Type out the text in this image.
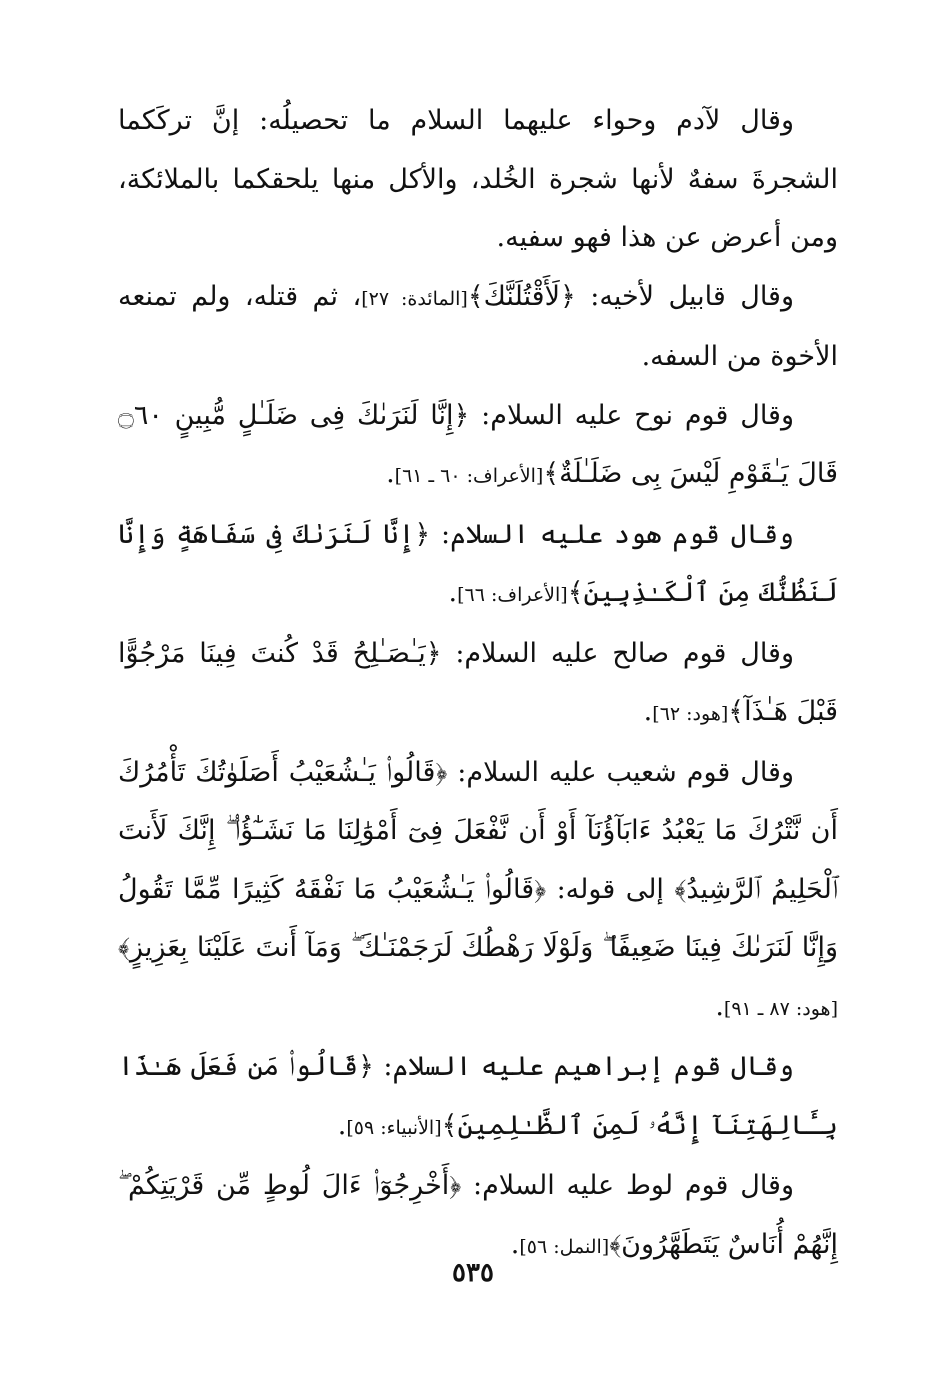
وقال لآدم وحواء عليهما السلام ما تحصيلُه: إنَّ تركَكما الشجرةَ سفهٌ لأنها شجرة الخُلد، والأكل منها يلحقكما بالملائكة، ومن أعرض عن هذا فهو سفيه.

وقال قابيل لأخيه: ﴿لَأَقْتُلَنَّكَ﴾[المائدة: ٢٧]، ثم قتله، ولم تمنعه الأخوة من السفه.

وقال قوم نوح عليه السلام: ﴿إِنَّا لَنَرَىٰكَ فِى ضَلَـٰلٍ مُّبِينٍ ۝٦٠ قَالَ يَـٰقَوْمِ لَيْسَ بِى ضَلَـٰلَةٌ﴾[الأعراف: ٦٠ ـ ٦١].

وقال قوم هود عليه السلام: ﴿إِنَّا لَنَرَىٰكَ فِى سَفَاهَةٍ وَإِنَّا لَنَظُنُّكَ مِنَ ٱلْكَـٰذِبِينَ﴾[الأعراف: ٦٦].

وقال قوم صالح عليه السلام: ﴿يَـٰصَـٰلِحُ قَدْ كُنتَ فِينَا مَرْجُوًّا قَبْلَ هَـٰذَآ﴾[هود: ٦٢].

وقال قوم شعيب عليه السلام: ﴿قَالُوا۟ يَـٰشُعَيْبُ أَصَلَوٰتُكَ تَأْمُرُكَ أَن نَّتْرُكَ مَا يَعْبُدُ ءَابَآؤُنَآ أَوْ أَن نَّفْعَلَ فِىٓ أَمْوَٰلِنَا مَا نَشَـٰٓؤُا۟ ۖ إِنَّكَ لَأَنتَ ٱلْحَلِيمُ ٱلرَّشِيدُ﴾ إلى قوله: ﴿قَالُوا۟ يَـٰشُعَيْبُ مَا نَفْقَهُ كَثِيرًا مِّمَّا تَقُولُ وَإِنَّا لَنَرَىٰكَ فِينَا ضَعِيفًا ۖ وَلَوْلَا رَهْطُكَ لَرَجَمْنَـٰكَ ۖ وَمَآ أَنتَ عَلَيْنَا بِعَزِيزٍ﴾[هود: ٨٧ ـ ٩١].

وقال قوم إبراهيم عليه السلام: ﴿قَالُوا۟ مَن فَعَلَ هَـٰذَا بِـَٔالِهَتِنَآ إِنَّهُۥ لَمِنَ ٱلظَّـٰلِمِينَ﴾[الأنبياء: ٥٩].

وقال قوم لوط عليه السلام: ﴿أَخْرِجُوٓا۟ ءَالَ لُوطٍ مِّن قَرْيَتِكُمْ ۖ إِنَّهُمْ أُنَاسٌ يَتَطَهَّرُونَ﴾[النمل: ٥٦].

٥٣٥
